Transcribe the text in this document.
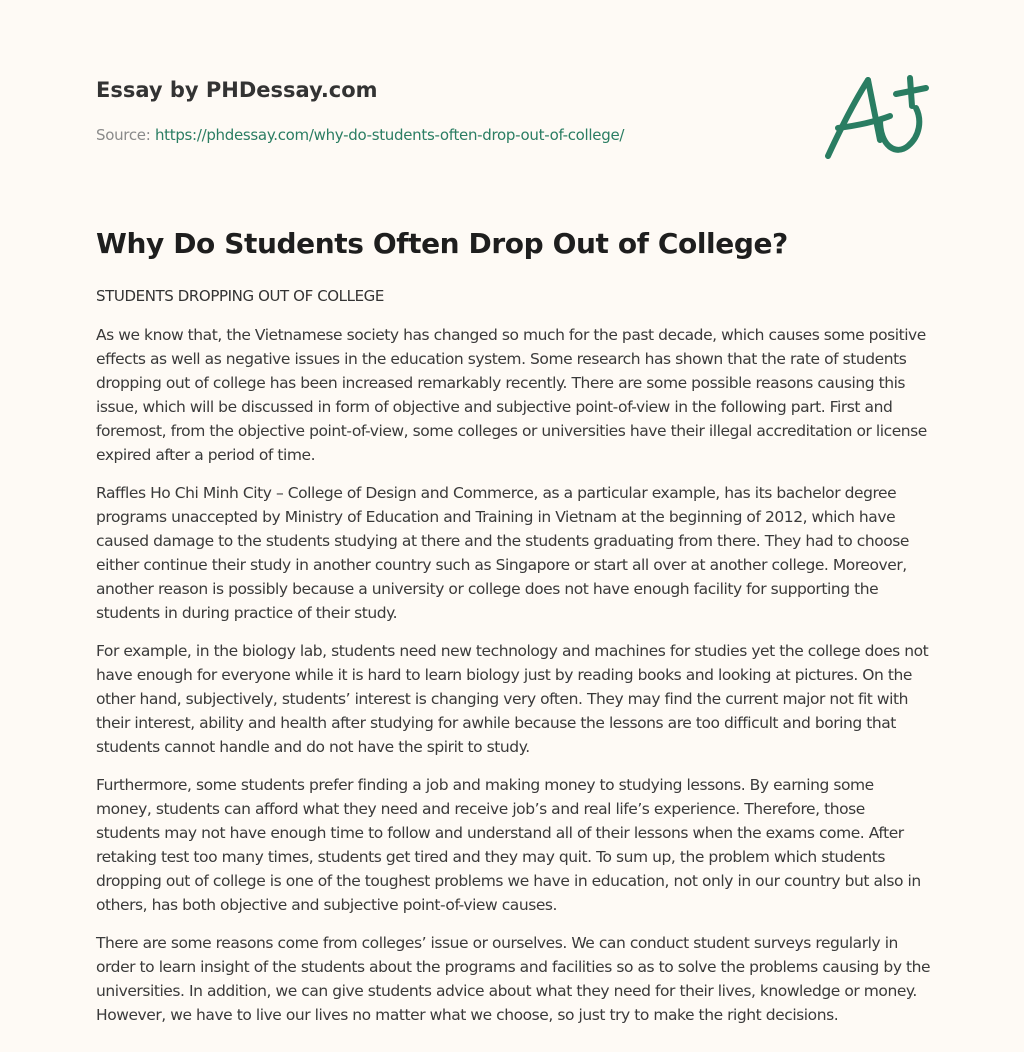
Essay by PHDessay.com
Source: https://phdessay.com/why-do-students-often-drop-out-of-college/
Why Do Students Often Drop Out of College?
STUDENTS DROPPING OUT OF COLLEGE

As we know that, the Vietnamese society has changed so much for the past decade, which causes some positive effects as well as negative issues in the education system. Some research has shown that the rate of students dropping out of college has been increased remarkably recently. There are some possible reasons causing this issue, which will be discussed in form of objective and subjective point-of-view in the following part. First and foremost, from the objective point-of-view, some colleges or universities have their illegal accreditation or license expired after a period of time.

Raffles Ho Chi Minh City – College of Design and Commerce, as a particular example, has its bachelor degree programs unaccepted by Ministry of Education and Training in Vietnam at the beginning of 2012, which have caused damage to the students studying at there and the students graduating from there. They had to choose either continue their study in another country such as Singapore or start all over at another college. Moreover, another reason is possibly because a university or college does not have enough facility for supporting the students in during practice of their study.

For example, in the biology lab, students need new technology and machines for studies yet the college does not have enough for everyone while it is hard to learn biology just by reading books and looking at pictures. On the other hand, subjectively, students’ interest is changing very often. They may find the current major not fit with their interest, ability and health after studying for awhile because the lessons are too difficult and boring that students cannot handle and do not have the spirit to study.

Furthermore, some students prefer finding a job and making money to studying lessons. By earning some money, students can afford what they need and receive job’s and real life’s experience. Therefore, those students may not have enough time to follow and understand all of their lessons when the exams come. After retaking test too many times, students get tired and they may quit. To sum up, the problem which students dropping out of college is one of the toughest problems we have in education, not only in our country but also in others, has both objective and subjective point-of-view causes.

There are some reasons come from colleges’ issue or ourselves. We can conduct student surveys regularly in order to learn insight of the students about the programs and facilities so as to solve the problems causing by the universities. In addition, we can give students advice about what they need for their lives, knowledge or money. However, we have to live our lives no matter what we choose, so just try to make the right decisions.
